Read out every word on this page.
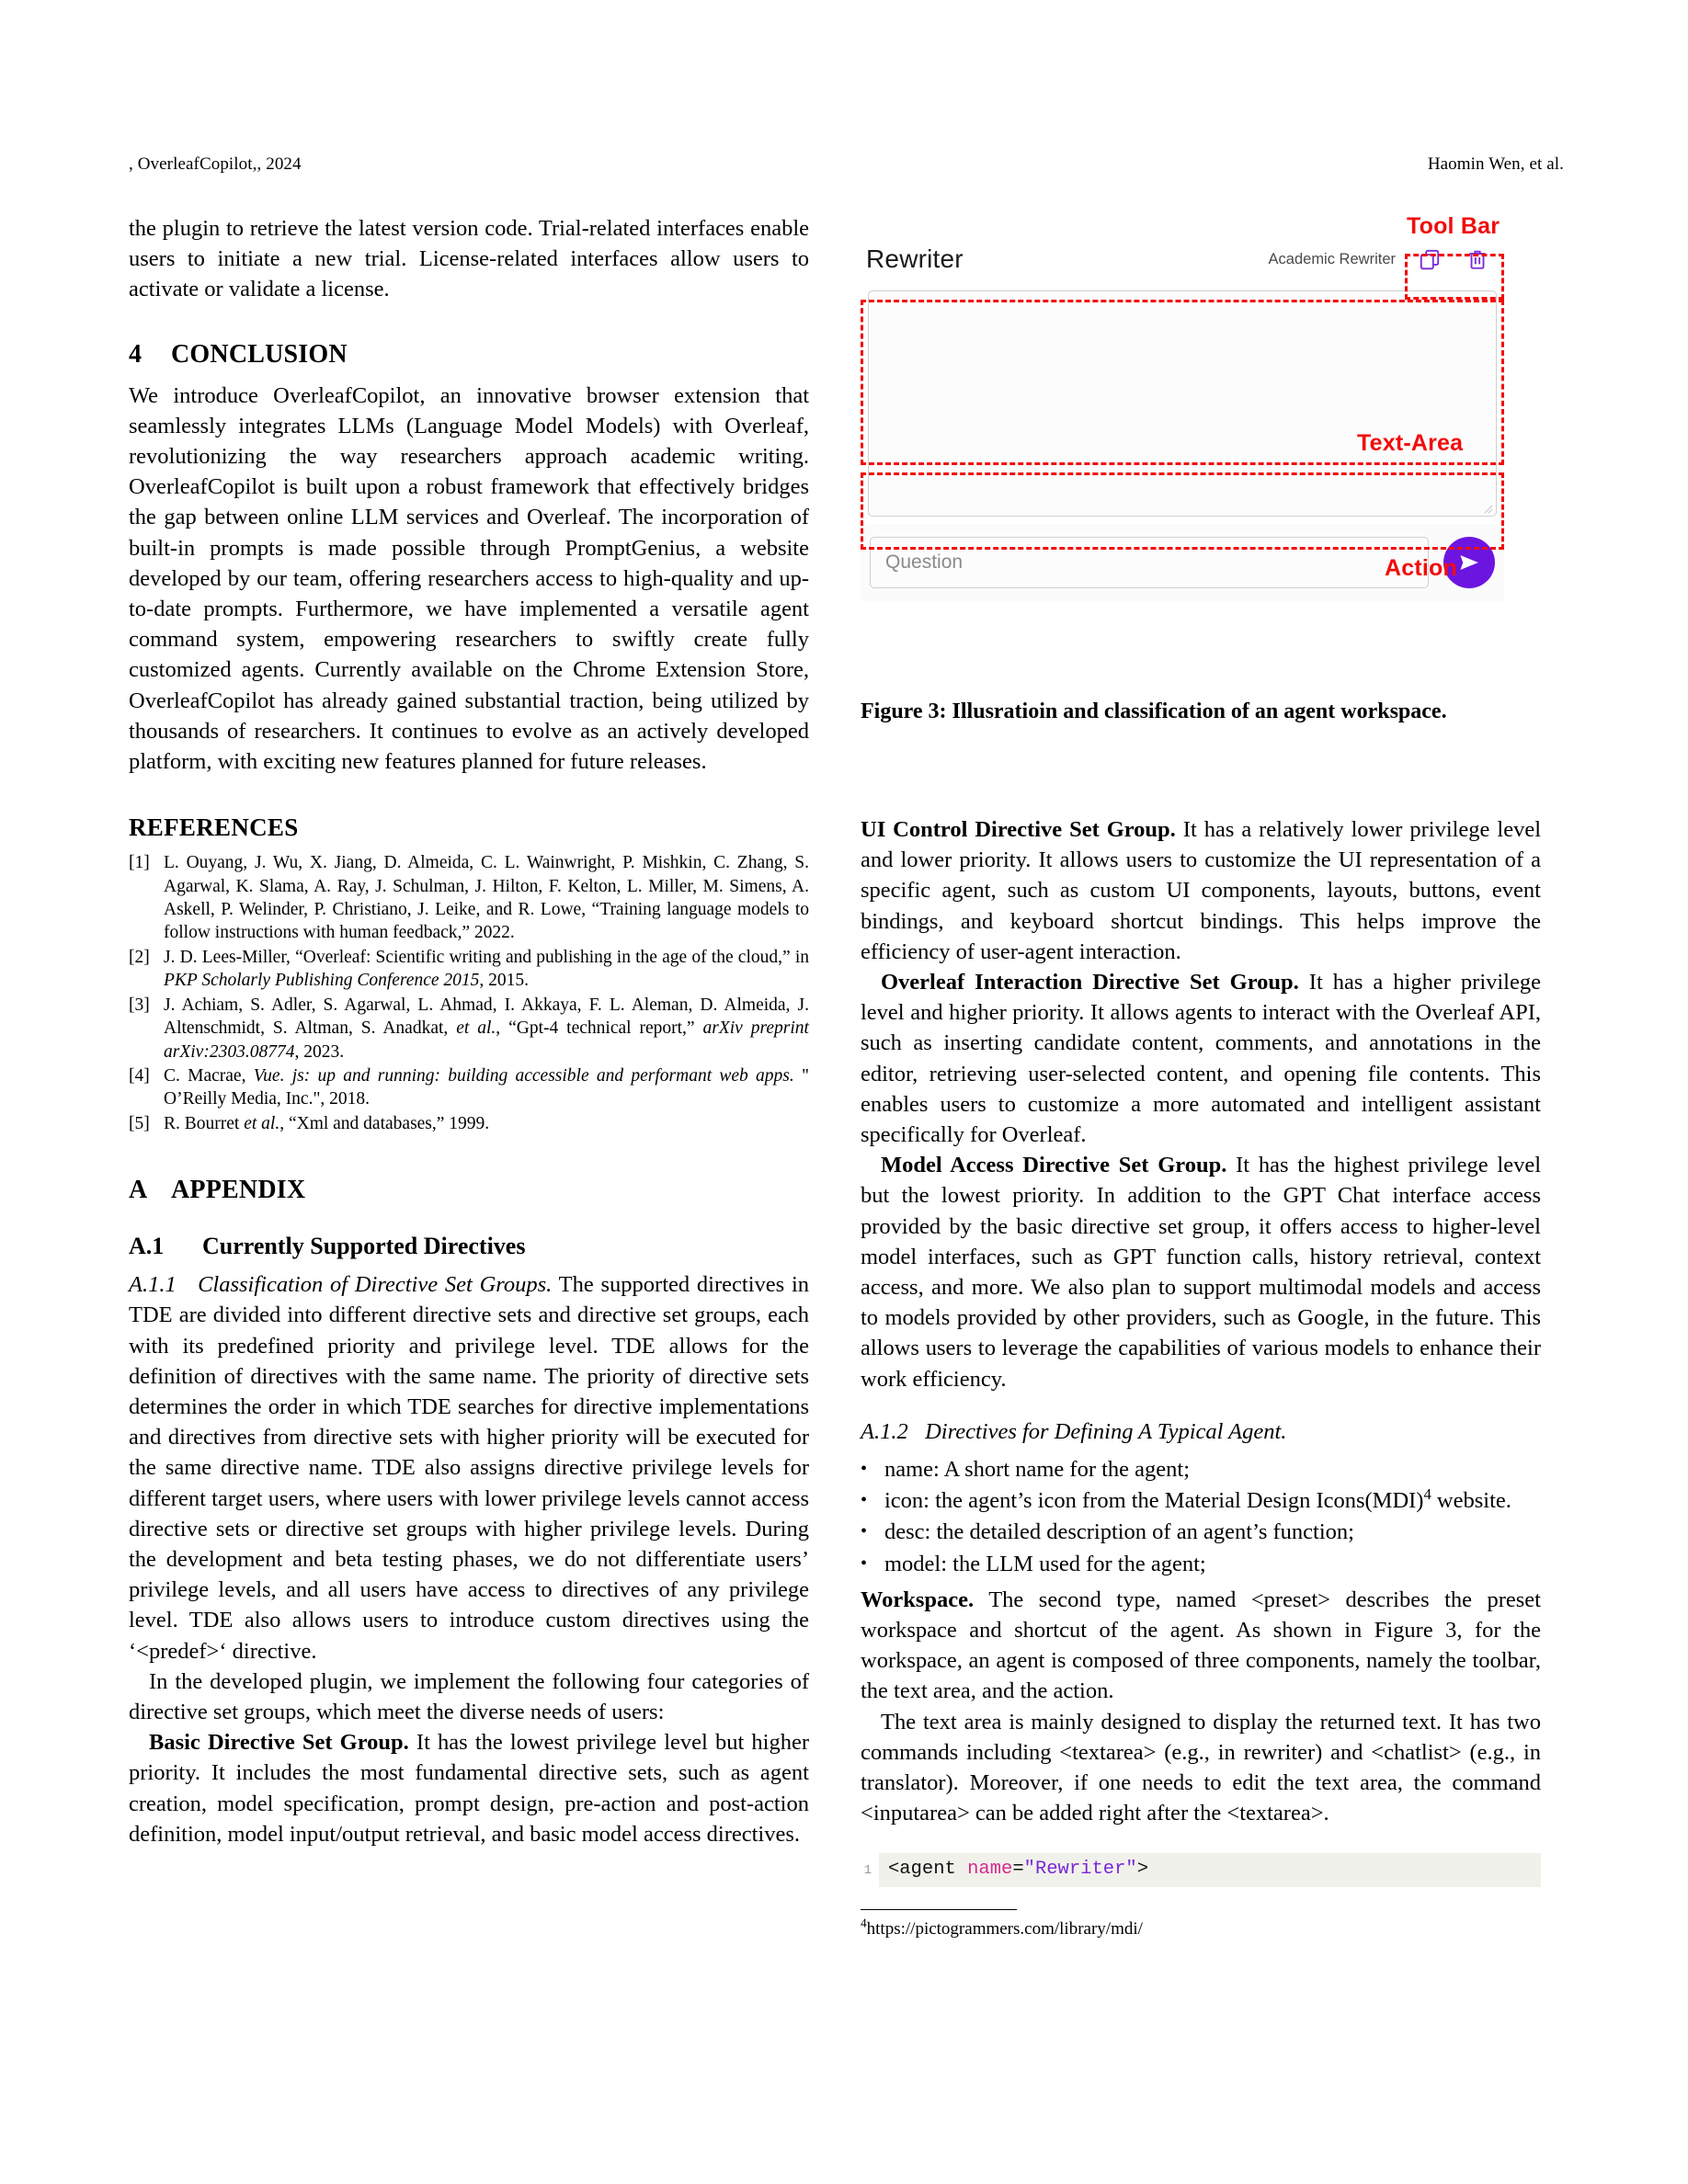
, OverleafCopilot,, 2024	Haomin Wen, et al.

the plugin to retrieve the latest version code. Trial-related interfaces enable users to initiate a new trial. License-related interfaces allow users to activate or validate a license.

4 CONCLUSION

We introduce OverleafCopilot, an innovative browser extension that seamlessly integrates LLMs (Language Model Models) with Overleaf, revolutionizing the way researchers approach academic writing. OverleafCopilot is built upon a robust framework that effectively bridges the gap between online LLM services and Overleaf. The incorporation of built-in prompts is made possible through PromptGenius, a website developed by our team, offering researchers access to high-quality and up-to-date prompts. Furthermore, we have implemented a versatile agent command system, empowering researchers to swiftly create fully customized agents. Currently available on the Chrome Extension Store, OverleafCopilot has already gained substantial traction, being utilized by thousands of researchers. It continues to evolve as an actively developed platform, with exciting new features planned for future releases.

REFERENCES
[1] L. Ouyang, J. Wu, X. Jiang, D. Almeida, C. L. Wainwright, P. Mishkin, C. Zhang, S. Agarwal, K. Slama, A. Ray, J. Schulman, J. Hilton, F. Kelton, L. Miller, M. Simens, A. Askell, P. Welinder, P. Christiano, J. Leike, and R. Lowe, “Training language models to follow instructions with human feedback,” 2022.
[2] J. D. Lees-Miller, “Overleaf: Scientific writing and publishing in the age of the cloud,” in PKP Scholarly Publishing Conference 2015, 2015.
[3] J. Achiam, S. Adler, S. Agarwal, L. Ahmad, I. Akkaya, F. L. Aleman, D. Almeida, J. Altenschmidt, S. Altman, S. Anadkat, et al., “Gpt-4 technical report,” arXiv preprint arXiv:2303.08774, 2023.
[4] C. Macrae, Vue. js: up and running: building accessible and performant web apps. " O’Reilly Media, Inc.", 2018.
[5] R. Bourret et al., “Xml and databases,” 1999.
A APPENDIX
A.1 Currently Supported Directives

A.1.1 Classification of Directive Set Groups. The supported directives in TDE are divided into different directive sets and directive set groups, each with its predefined priority and privilege level. TDE allows for the definition of directives with the same name. The priority of directive sets determines the order in which TDE searches for directive implementations and directives from directive sets with higher priority will be executed for the same directive name. TDE also assigns directive privilege levels for different target users, where users with lower privilege levels cannot access directive sets or directive set groups with higher privilege levels. During the development and beta testing phases, we do not differentiate users’ privilege levels, and all users have access to directives of any privilege level. TDE also allows users to introduce custom directives using the ‘<predef>‘ directive.

In the developed plugin, we implement the following four categories of directive set groups, which meet the diverse needs of users:

Basic Directive Set Group. It has the lowest privilege level but higher priority. It includes the most fundamental directive sets, such as agent creation, model specification, prompt design, pre-action and post-action definition, model input/output retrieval, and basic model access directives.

Rewriter	Academic Rewriter
Question
Tool Bar
Text-Area
Action

Figure 3: Illusratioin and classification of an agent workspace.

UI Control Directive Set Group. It has a relatively lower privilege level and lower priority. It allows users to customize the UI representation of a specific agent, such as custom UI components, layouts, buttons, event bindings, and keyboard shortcut bindings. This helps improve the efficiency of user-agent interaction.

Overleaf Interaction Directive Set Group. It has a higher privilege level and higher priority. It allows agents to interact with the Overleaf API, such as inserting candidate content, comments, and annotations in the editor, retrieving user-selected content, and opening file contents. This enables users to customize a more automated and intelligent assistant specifically for Overleaf.

Model Access Directive Set Group. It has the highest privilege level but the lowest priority. In addition to the GPT Chat interface access provided by the basic directive set group, it offers access to higher-level model interfaces, such as GPT function calls, history retrieval, context access, and more. We also plan to support multimodal models and access to models provided by other providers, such as Google, in the future. This allows users to leverage the capabilities of various models to enhance their work efficiency.

A.1.2 Directives for Defining A Typical Agent.

• name: A short name for the agent;
• icon: the agent’s icon from the Material Design Icons(MDI)$^4$ website.
• desc: the detailed description of an agent’s function;
• model: the LLM used for the agent;

Workspace. The second type, named <preset> describes the preset workspace and shortcut of the agent. As shown in Figure 3, for the workspace, an agent is composed of three components, namely the toolbar, the text area, and the action.

The text area is mainly designed to display the returned text. It has two commands including <textarea> (e.g., in rewriter) and <chatlist> (e.g., in translator). Moreover, if one needs to edit the text area, the command <inputarea> can be added right after the <textarea>.

1 <agent name="Rewriter">
$^4$https://pictogrammers.com/library/mdi/
